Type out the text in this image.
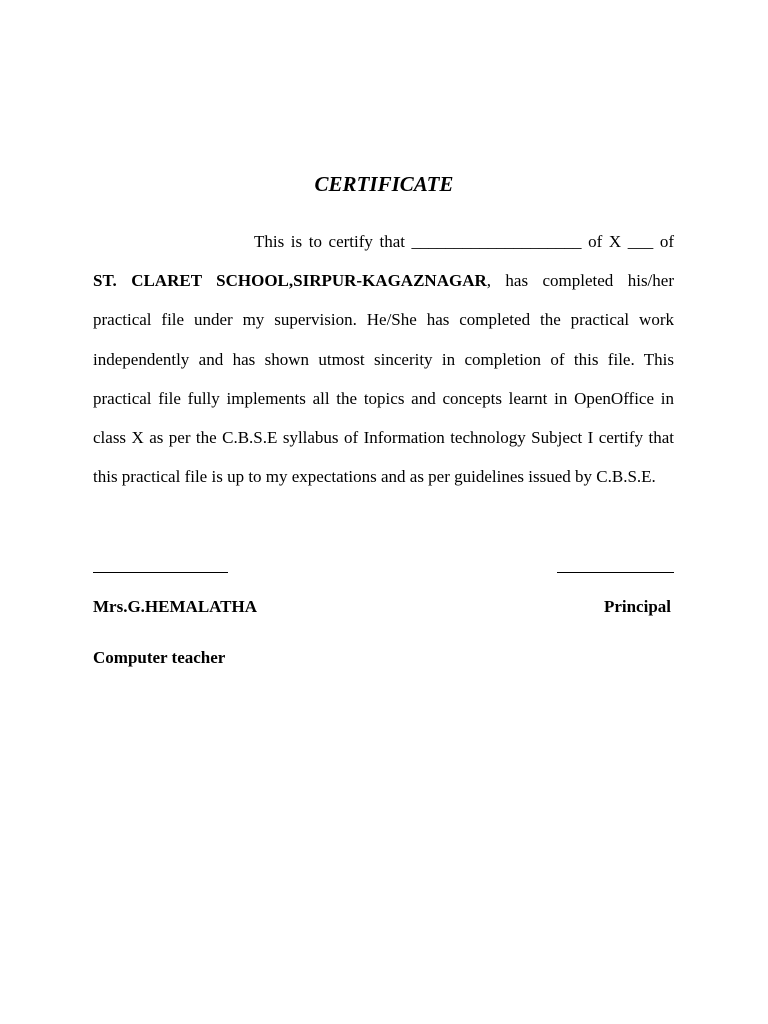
CERTIFICATE

This is to certify that ____________________ of X ___ of ST. CLARET SCHOOL,SIRPUR-KAGAZNAGAR, has completed his/her practical file under my supervision. He/She has completed the practical work independently and has shown utmost sincerity in completion of this file. This practical file fully implements all the topics and concepts learnt in OpenOffice in class X as per the C.B.S.E syllabus of Information technology Subject I certify that this practical file is up to my expectations and as per guidelines issued by C.B.S.E.

Mrs.G.HEMALATHA	Principal
Computer teacher
